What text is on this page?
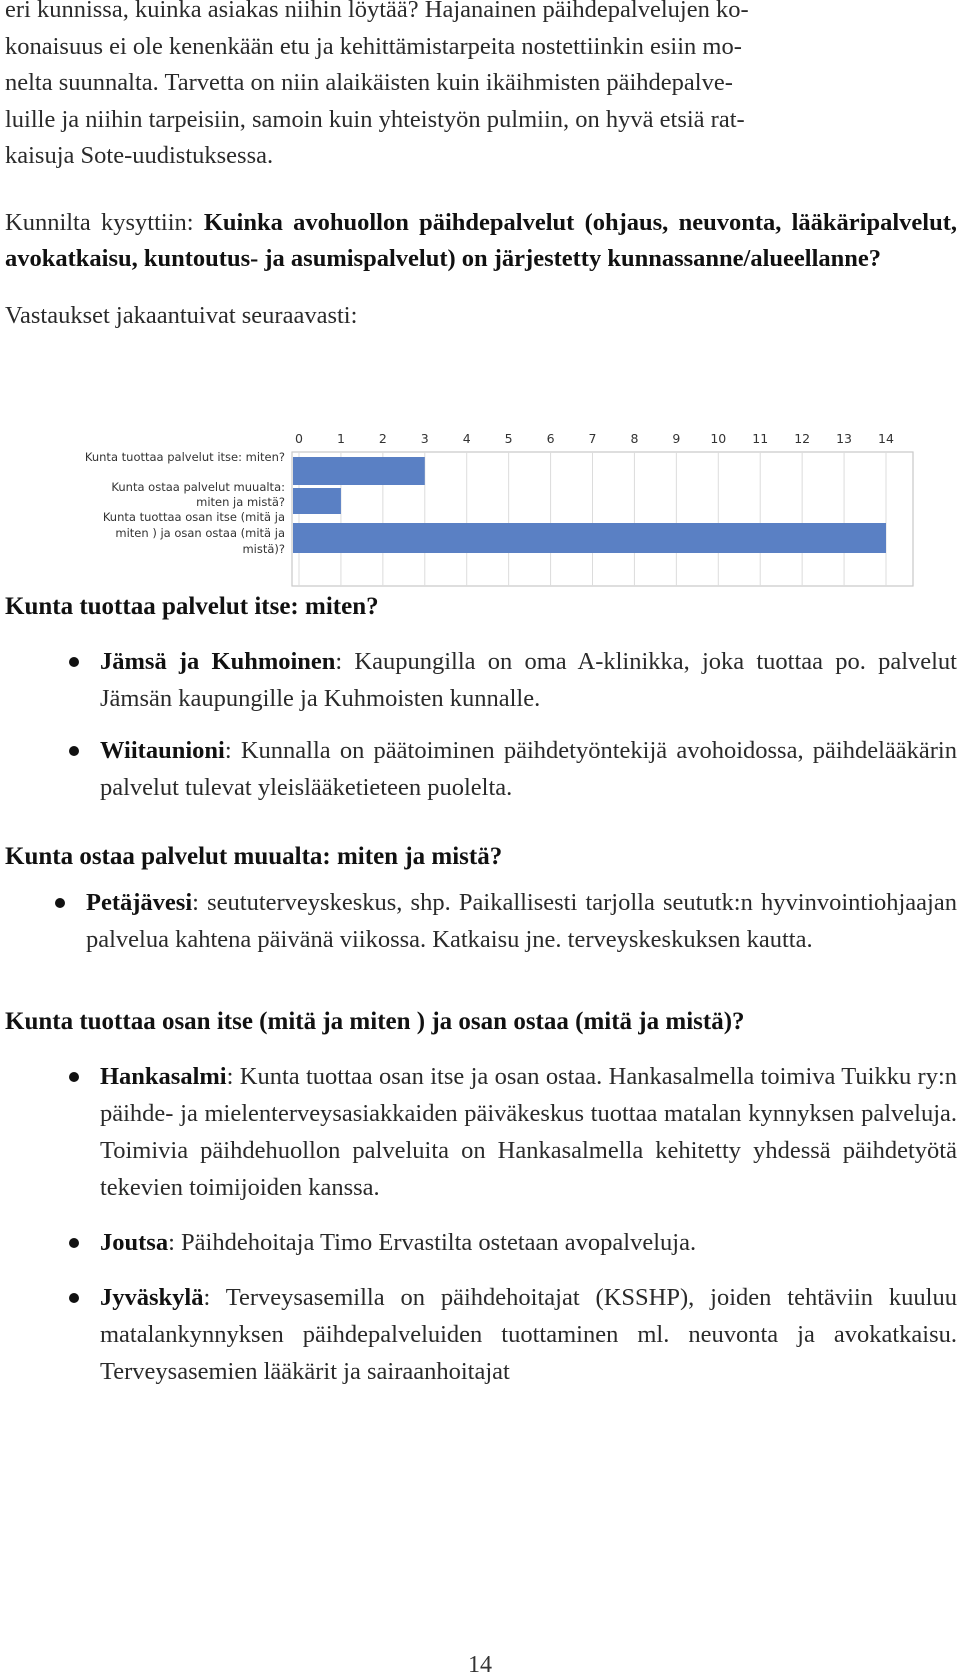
eri kunnissa, kuinka asiakas niihin löytää? Hajanainen päihdepalvelujen ko-
konaisuus ei ole kenenkään etu ja kehittämistarpeita nostettiinkin esiin mo-
nelta suunnalta. Tarvetta on niin alaikäisten kuin ikäihmisten päihdepalve-
luille ja niihin tarpeisiin, samoin kuin yhteistyön pulmiin, on hyvä etsiä rat-
kaisuja Sote-uudistuksessa.

Kunnilta kysyttiin: Kuinka avohuollon päihdepalvelut (ohjaus, neuvonta, lääkäripalvelut, avokatkaisu, kuntoutus- ja asumispalvelut) on järjestetty kunnassanne/alueellanne?

Vastaukset jakaantuivat seuraavasti:

Kunta tuottaa palvelut itse: miten?
Jämsä ja Kuhmoinen: Kaupungilla on oma A-klinikka, joka tuottaa po. palvelut Jämsän kaupungille ja Kuhmoisten kunnalle.
Wiitaunioni: Kunnalla on päätoiminen päihdetyöntekijä avohoidossa, päihdelääkärin palvelut tulevat yleislääketieteen puolelta.
Kunta ostaa palvelut muualta: miten ja mistä?
Petäjävesi: seututerveyskeskus, shp. Paikallisesti tarjolla seututk:n hyvinvointiohjaajan palvelua kahtena päivänä viikossa. Katkaisu jne. terveyskeskuksen kautta.
Kunta tuottaa osan itse (mitä ja miten ) ja osan ostaa (mitä ja mistä)?
Hankasalmi: Kunta tuottaa osan itse ja osan ostaa. Hankasalmella toimiva Tuikku ry:n päihde- ja mielenterveysasiakkaiden päiväkeskus tuottaa matalan kynnyksen palveluja. Toimivia päihdehuollon palveluita on Hankasalmella kehitetty yhdessä päihdetyötä tekevien toimijoiden kanssa.
Joutsa: Päihdehoitaja Timo Ervastilta ostetaan avopalveluja.
Jyväskylä: Terveysasemilla on päihdehoitajat (KSSHP), joiden tehtäviin kuuluu matalankynnyksen päihdepalveluiden tuottaminen ml. neuvonta ja avokatkaisu. Terveysasemien lääkärit ja sairaanhoitajat
0	1	2	3	4	5	6	7	8	9 10 11 12 13 14
Kunta tuottaa palvelut itse: miten?
Kunta ostaa palvelut muualta:
miten ja mistä?
Kunta tuottaa osan itse (mitä ja
miten ) ja osan ostaa (mitä ja
mistä)?
14
